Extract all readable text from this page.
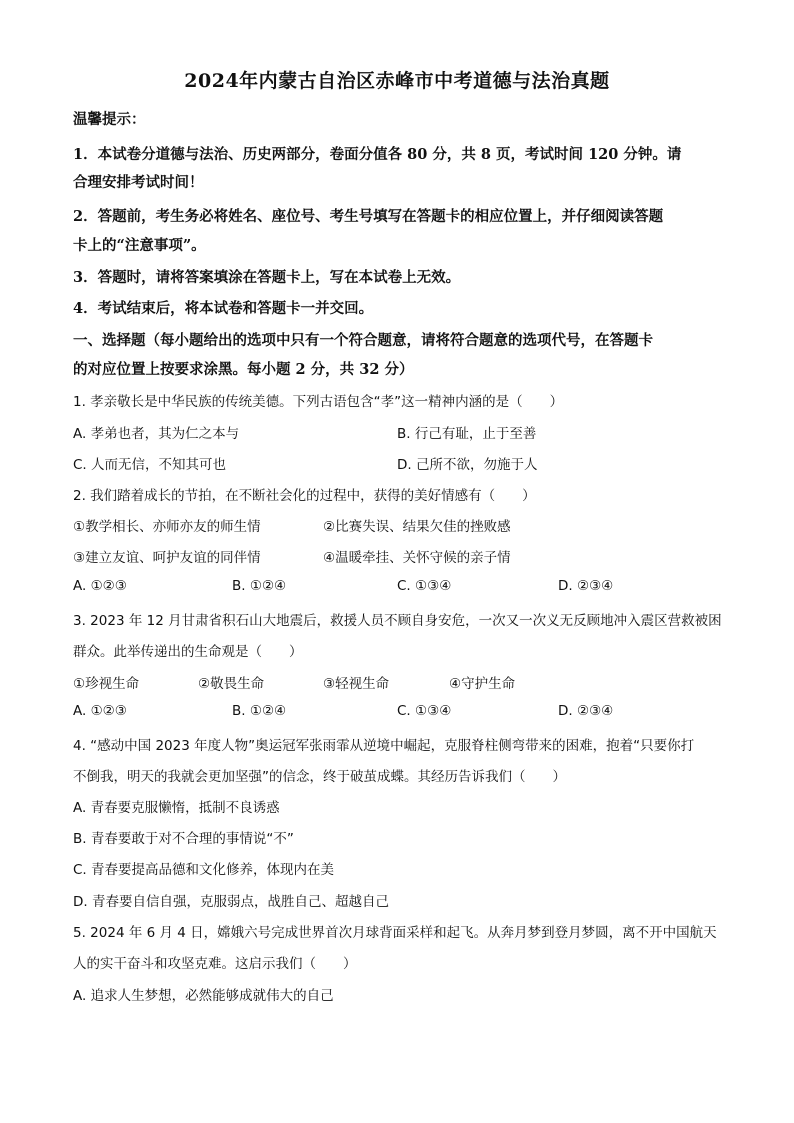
2024年内蒙古自治区赤峰市中考道德与法治真题
温馨提示：
1．本试卷分道德与法治、历史两部分，卷面分值各 80 分，共 8 页，考试时间 120 分钟。请
合理安排考试时间！
2．答题前，考生务必将姓名、座位号、考生号填写在答题卡的相应位置上，并仔细阅读答题
卡上的“注意事项”。
3．答题时，请将答案填涂在答题卡上，写在本试卷上无效。
4．考试结束后，将本试卷和答题卡一并交回。
一、选择题（每小题给出的选项中只有一个符合题意，请将符合题意的选项代号，在答题卡
的对应位置上按要求涂黑。每小题 2 分，共 32 分）
1. 孝亲敬长是中华民族的传统美德。下列古语包含“孝”这一精神内涵的是（　　）
A. 孝弟也者，其为仁之本与	B. 行己有耻，止于至善
C. 人而无信，不知其可也	D. 己所不欲，勿施于人
2. 我们踏着成长的节拍，在不断社会化的过程中，获得的美好情感有（　　）
①教学相长、亦师亦友的师生情	②比赛失误、结果欠佳的挫败感
③建立友谊、呵护友谊的同伴情	④温暖牵挂、关怀守候的亲子情
A. ①②③	B. ①②④	C. ①③④	D. ②③④
3. 2023 年 12 月甘肃省积石山大地震后，救援人员不顾自身安危，一次又一次义无反顾地冲入震区营救被困
群众。此举传递出的生命观是（　　）
①珍视生命	②敬畏生命	③轻视生命	④守护生命
A. ①②③	B. ①②④	C. ①③④	D. ②③④
4. “感动中国 2023 年度人物”奥运冠军张雨霏从逆境中崛起，克服脊柱侧弯带来的困难，抱着“只要你打
不倒我，明天的我就会更加坚强”的信念，终于破茧成蝶。其经历告诉我们（　　）
A. 青春要克服懒惰，抵制不良诱惑
B. 青春要敢于对不合理的事情说“不”
C. 青春要提高品德和文化修养，体现内在美
D. 青春要自信自强，克服弱点，战胜自己、超越自己
5. 2024 年 6 月 4 日，嫦娥六号完成世界首次月球背面采样和起飞。从奔月梦到登月梦圆，离不开中国航天
人的实干奋斗和攻坚克难。这启示我们（　　）
A. 追求人生梦想，必然能够成就伟大的自己
